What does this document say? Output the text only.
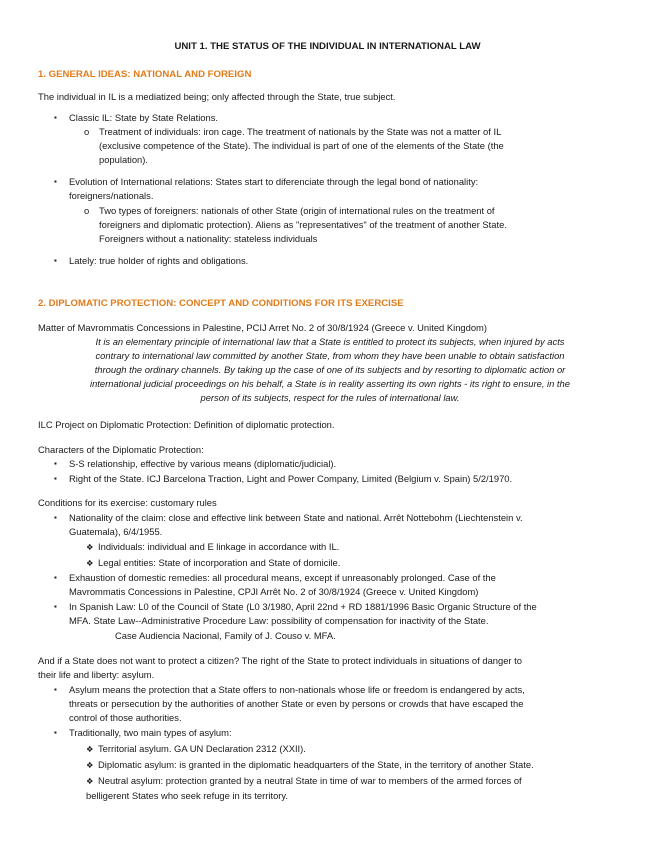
UNIT 1. THE STATUS OF THE INDIVIDUAL IN INTERNATIONAL LAW
1. GENERAL IDEAS: NATIONAL AND FOREIGN
The individual in IL is a mediatized being; only affected through the State, true subject.
▪ Classic IL: State by State Relations.
o Treatment of individuals: iron cage. The treatment of nationals by the State was not a matter of IL
(exclusive competence of the State). The individual is part of one of the elements of the State (the
population).
▪ Evolution of International relations: States start to diferenciate through the legal bond of nationality:
foreigners/nationals.
o Two types of foreigners: nationals of other State (origin of international rules on the treatment of
foreigners and diplomatic protection). Aliens as "representatives" of the treatment of another State.
Foreigners without a nationality: stateless individuals
▪ Lately: true holder of rights and obligations.
2. DIPLOMATIC PROTECTION: CONCEPT AND CONDITIONS FOR ITS EXERCISE
Matter of Mavrommatis Concessions in Palestine, PCIJ Arret No. 2 of 30/8/1924 (Greece v. United Kingdom)
It is an elementary principle of international law that a State is entitled to protect its subjects, when injured by acts
contrary to international law committed by another State, from whom they have been unable to obtain satisfaction
through the ordinary channels. By taking up the case of one of its subjects and by resorting to diplomatic action or
international judicial proceedings on his behalf, a State is in reality asserting its own rights - its right to ensure, in the
person of its subjects, respect for the rules of international law.
ILC Project on Diplomatic Protection: Definition of diplomatic protection.
Characters of the Diplomatic Protection:
▪ S-S relationship, effective by various means (diplomatic/judicial).
▪ Right of the State. ICJ Barcelona Traction, Light and Power Company, Limited (Belgium v. Spain) 5/2/1970.
Conditions for its exercise: customary rules
▪ Nationality of the claim: close and effective link between State and national. Arrêt Nottebohm (Liechtenstein v.
Guatemala), 6/4/1955.
❖ Individuals: individual and E linkage in accordance with IL.
❖ Legal entities: State of incorporation and State of domicile.
▪ Exhaustion of domestic remedies: all procedural means, except if unreasonably prolonged. Case of the
Mavrommatis Concessions in Palestine, CPJI Arrêt No. 2 of 30/8/1924 (Greece v. United Kingdom)
▪ In Spanish Law: L0 of the Council of State (L0 3/1980, April 22nd + RD 1881/1996 Basic Organic Structure of the
MFA. State Law--Administrative Procedure Law: possibility of compensation for inactivity of the State.
Case Audiencia Nacional, Family of J. Couso v. MFA.
And if a State does not want to protect a citizen? The right of the State to protect individuals in situations of danger to
their life and liberty: asylum.
▪ Asylum means the protection that a State offers to non-nationals whose life or freedom is endangered by acts,
threats or persecution by the authorities of another State or even by persons or crowds that have escaped the
control of those authorities.
▪ Traditionally, two main types of asylum:
❖ Territorial asylum. GA UN Declaration 2312 (XXII).
❖ Diplomatic asylum: is granted in the diplomatic headquarters of the State, in the territory of another State.
❖ Neutral asylum: protection granted by a neutral State in time of war to members of the armed forces of
belligerent States who seek refuge in its territory.
